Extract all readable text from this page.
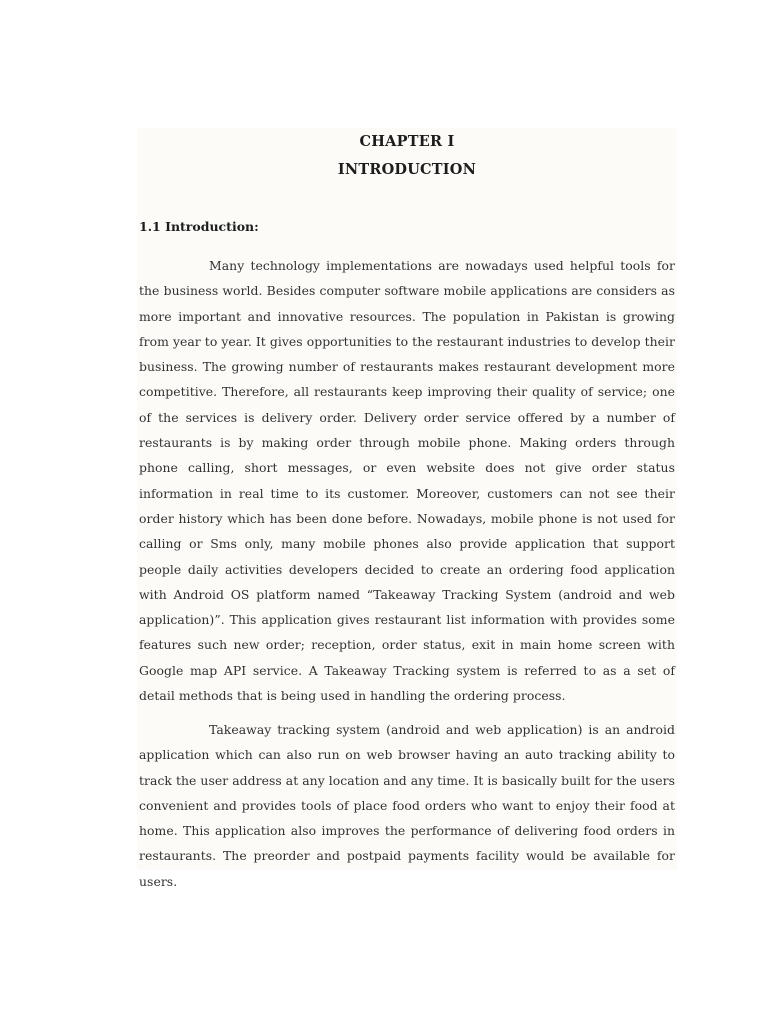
CHAPTER I
INTRODUCTION
1.1 Introduction:

Many technology implementations are nowadays used helpful tools for the business world. Besides computer software mobile applications are considers as more important and innovative resources. The population in Pakistan is growing from year to year. It gives opportunities to the restaurant industries to develop their business. The growing number of restaurants makes restaurant development more competitive. Therefore, all restaurants keep improving their quality of service; one of the services is delivery order. Delivery order service offered by a number of restaurants is by making order through mobile phone. Making orders through phone calling, short messages, or even website does not give order status information in real time to its customer. Moreover, customers can not see their order history which has been done before. Nowadays, mobile phone is not used for calling or Sms only, many mobile phones also provide application that support people daily activities developers decided to create an ordering food application with Android OS platform named “Takeaway Tracking System (android and web application)”. This application gives restaurant list information with provides some features such new order; reception, order status, exit in main home screen with Google map API service. A Takeaway Tracking system is referred to as a set of detail methods that is being used in handling the ordering process.

Takeaway tracking system (android and web application) is an android application which can also run on web browser having an auto tracking ability to track the user address at any location and any time. It is basically built for the users convenient and provides tools of place food orders who want to enjoy their food at home. This application also improves the performance of delivering food orders in restaurants. The preorder and postpaid payments facility would be available for users.
